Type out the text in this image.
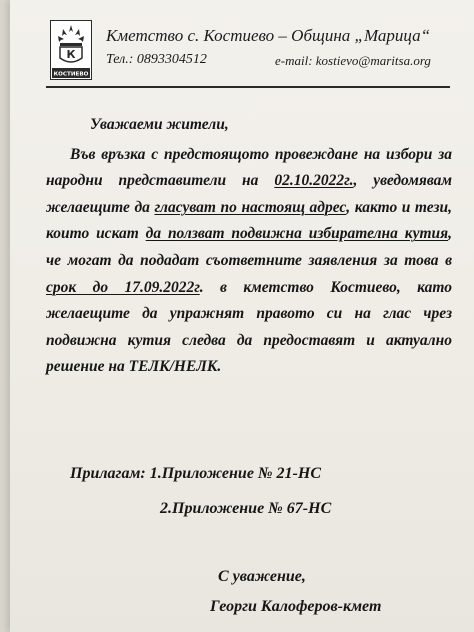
К
КОСТИЕВО
Кметство с. Костиево – Община „Марица“
Тел.: 0893304512	e-mail: kostievo@maritsa.org
Уважаеми жители,
Във връзка с предстоящото провеждане на избори за народни представители на 02.10.2022г., уведомявам желаещите да гласуват по настоящ адрес, както и тези, които искат да ползват подвижна избирателна кутия, че могат да подадат съответните заявления за това в срок до 17.09.2022г. в кметство Костиево, като желаещите да упражнят правото си на глас чрез подвижна кутия следва да предоставят и актуално решение на ТЕЛК/НЕЛК.
Прилагам: 1.Приложение № 21-НС
2.Приложение № 67-НС
С уважение,
Георги Калоферов-кмет
